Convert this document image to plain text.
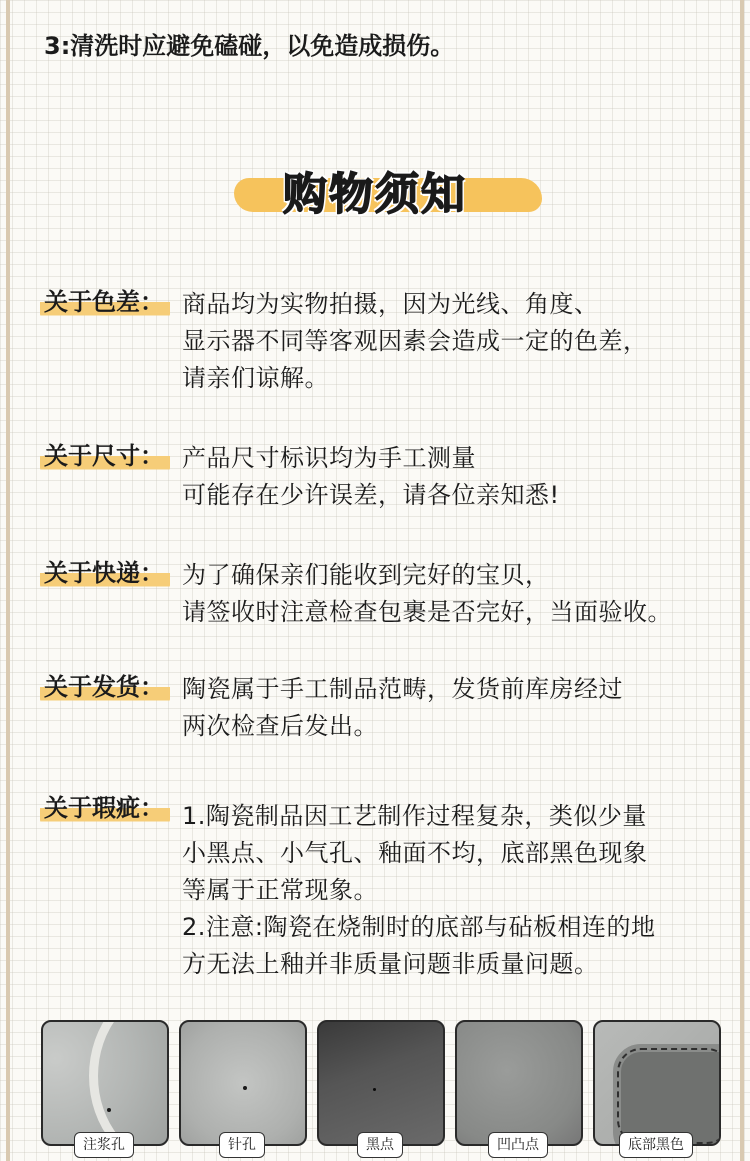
3:清洗时应避免磕碰，以免造成损伤。
购物须知
关于色差： 商品均为实物拍摄，因为光线、角度、
显示器不同等客观因素会造成一定的色差，
请亲们谅解。
关于尺寸： 产品尺寸标识均为手工测量
可能存在少许误差，请各位亲知悉!
关于快递： 为了确保亲们能收到完好的宝贝，
请签收时注意检查包裹是否完好，当面验收。
关于发货： 陶瓷属于手工制品范畴，发货前库房经过
两次检查后发出。
关于瑕疵： 1.陶瓷制品因工艺制作过程复杂，类似少量
小黑点、小气孔、釉面不均，底部黑色现象
等属于正常现象。
2.注意:陶瓷在烧制时的底部与砧板相连的地
方无法上釉并非质量问题非质量问题。
注浆孔	针孔	黑点	凹凸点	底部黑色
